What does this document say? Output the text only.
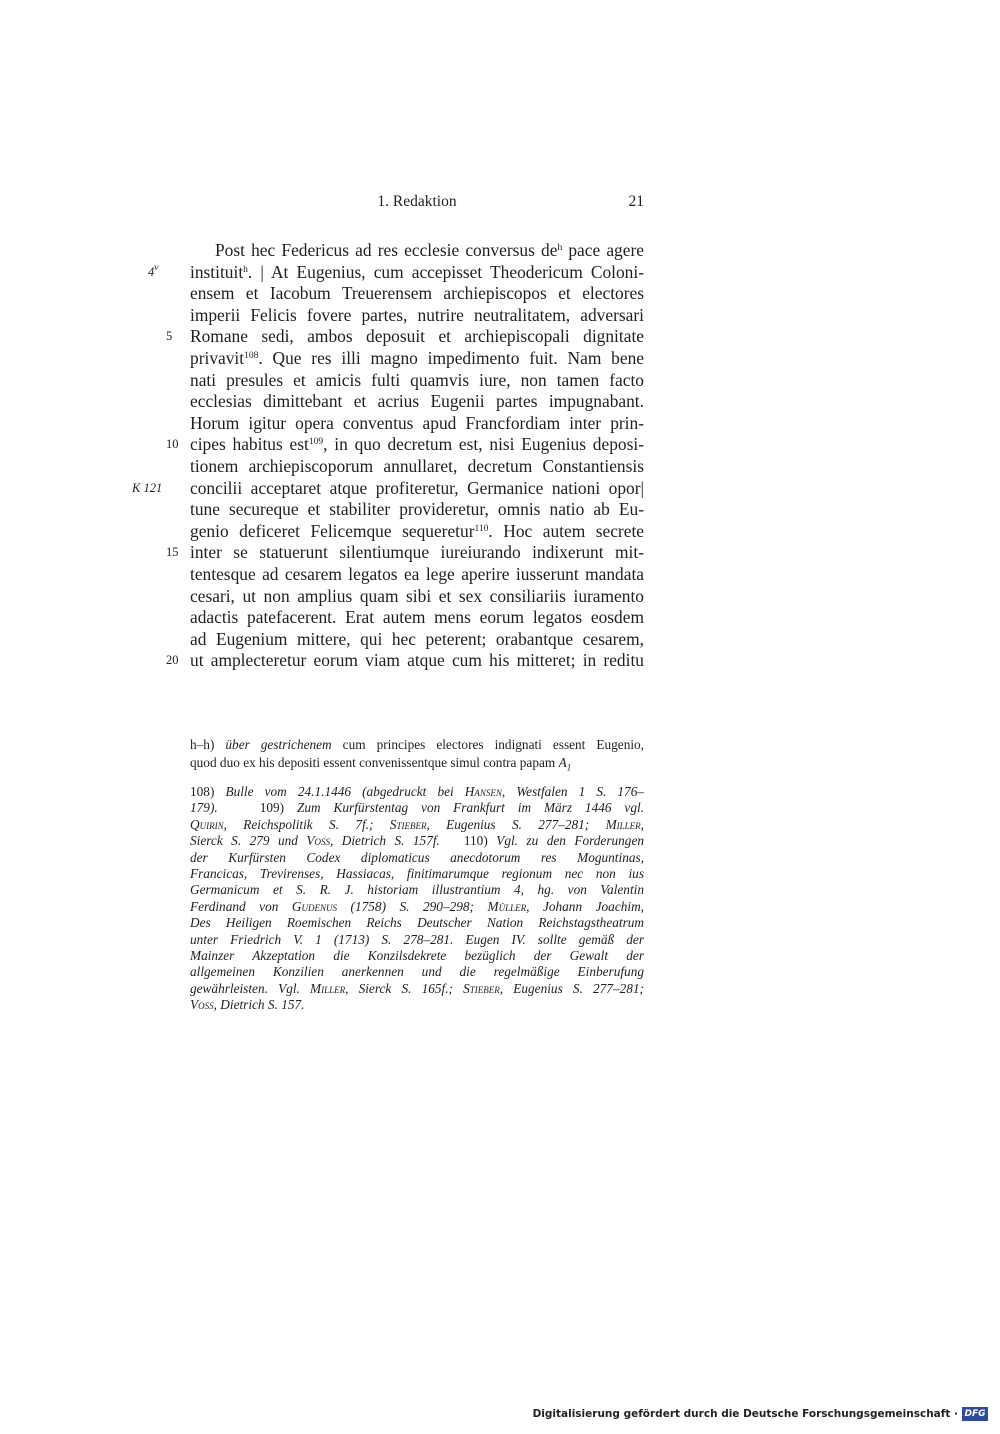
1. Redaktion	21
Post hec Federicus ad res ecclesie conversus $de^h$ pace agere
4$^v$ instituit$^h$. | At Eugenius, cum accepisset Theodericum Coloni-
ensem et Iacobum Treuerensem archiepiscopos et electores
imperii Felicis fovere partes, nutrire neutralitatem, adversari
5	Romane sedi, ambos deposuit et archiepiscopali dignitate
privavit$^{108}$. Que res illi magno impedimento fuit. Nam bene
nati presules et amicis fulti quamvis iure, non tamen facto
ecclesias dimittebant et acrius Eugenii partes impugnabant.
Horum igitur opera conventus apud Francfordiam inter prin-
10 cipes habitus est$^{109}$, in quo decretum est, nisi Eugenius deposi-
tionem archiepiscoporum annullaret, decretum Constantiensis
K 121 concilii acceptaret atque profiteretur, Germanice nationi opor|
tune secureque et stabiliter provideretur, omnis natio ab Eu-
genio deficeret Felicemque sequeretur$^{110}$. Hoc autem secrete
15 inter se statuerunt silentiumque iureiurando indixerunt mit-
tentesque ad cesarem legatos ea lege aperire iusserunt mandata
cesari, ut non amplius quam sibi et sex consiliariis iuramento
adactis patefacerent. Erat autem mens eorum legatos eosdem
ad Eugenium mittere, qui hec peterent; orabantque cesarem,
20 ut amplecteretur eorum viam atque cum his mitteret; in reditu
h–h) über gestrichenem cum principes electores indignati essent Eugenio,
quod duo ex his depositi essent convenissentque simul contra papam $A_1$
108) Bulle vom 24.1.1446 (abgedruckt bei Hansen, Westfalen 1 S. 176–
179).	109) Zum Kurfürstentag von Frankfurt im März 1446 vgl.
Quirin, Reichspolitik S. 7f.; Stieber, Eugenius S. 277–281; Miller,
Sierck S. 279 und Voss, Dietrich S. 157f. 110) Vgl. zu den Forderungen
der Kurfürsten Codex diplomaticus anecdotorum res Moguntinas,
Francicas, Trevirenses, Hassiacas, finitimarumque regionum nec non ius
Germanicum et S. R. J. historiam illustrantium 4, hg. von Valentin
Ferdinand von Gudenus (1758) S. 290–298; Müller, Johann Joachim,
Des Heiligen Roemischen Reichs Deutscher Nation Reichstagstheatrum
unter Friedrich V. 1 (1713) S. 278–281. Eugen IV. sollte gemäß der
Mainzer Akzeptation die Konzilsdekrete bezüglich der Gewalt der
allgemeinen Konzilien anerkennen und die regelmäßige Einberufung
gewährleisten. Vgl. Miller, Sierck S. 165f.; Stieber, Eugenius S. 277–281;
Voss, Dietrich S. 157.
Digitalisierung gefördert durch die Deutsche Forschungsgemeinschaft · DFG
